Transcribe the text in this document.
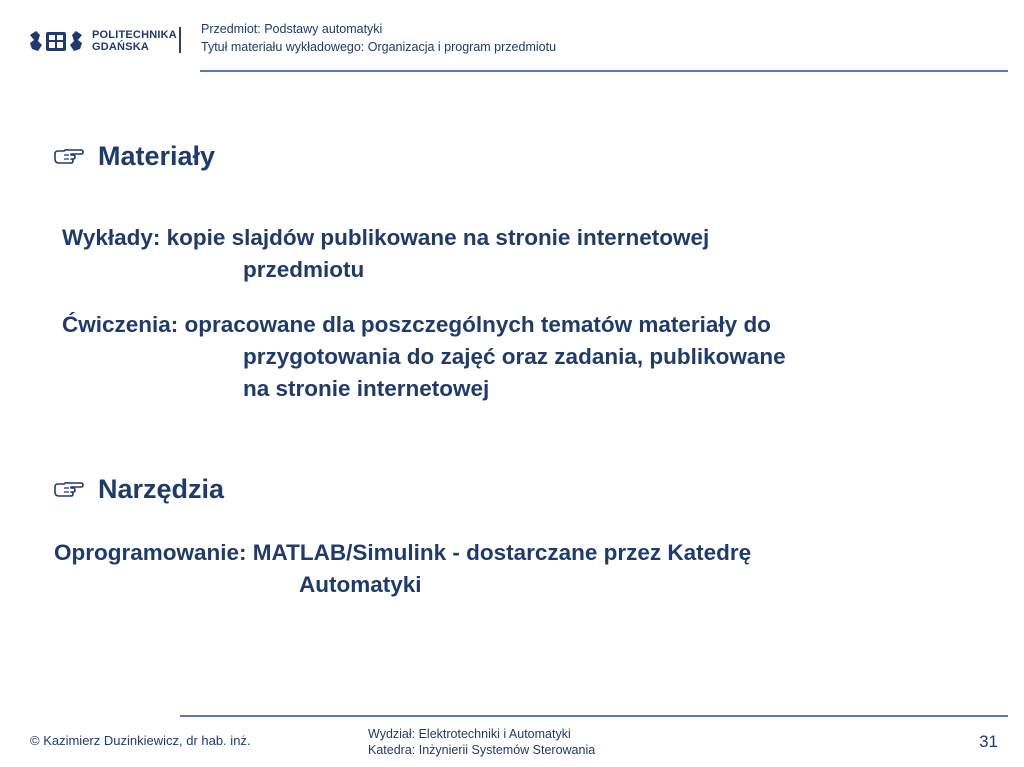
POLITECHNIKA
GDAŃSKA
Przedmiot: Podstawy automatyki
Tytuł materiału wykładowego: Organizacja i program przedmiotu
Materiały
Wykłady: kopie slajdów publikowane na stronie internetowej
przedmiotu
Ćwiczenia: opracowane dla poszczególnych tematów materiały do
przygotowania do zajęć oraz zadania, publikowane
na stronie internetowej
Narzędzia
Oprogramowanie: MATLAB/Simulink - dostarczane przez Katedrę
Automatyki
© Kazimierz Duzinkiewicz, dr hab. inż.	Wydział: Elektrotechniki i Automatyki
Katedra: Inżynierii Systemów Sterowania	31
